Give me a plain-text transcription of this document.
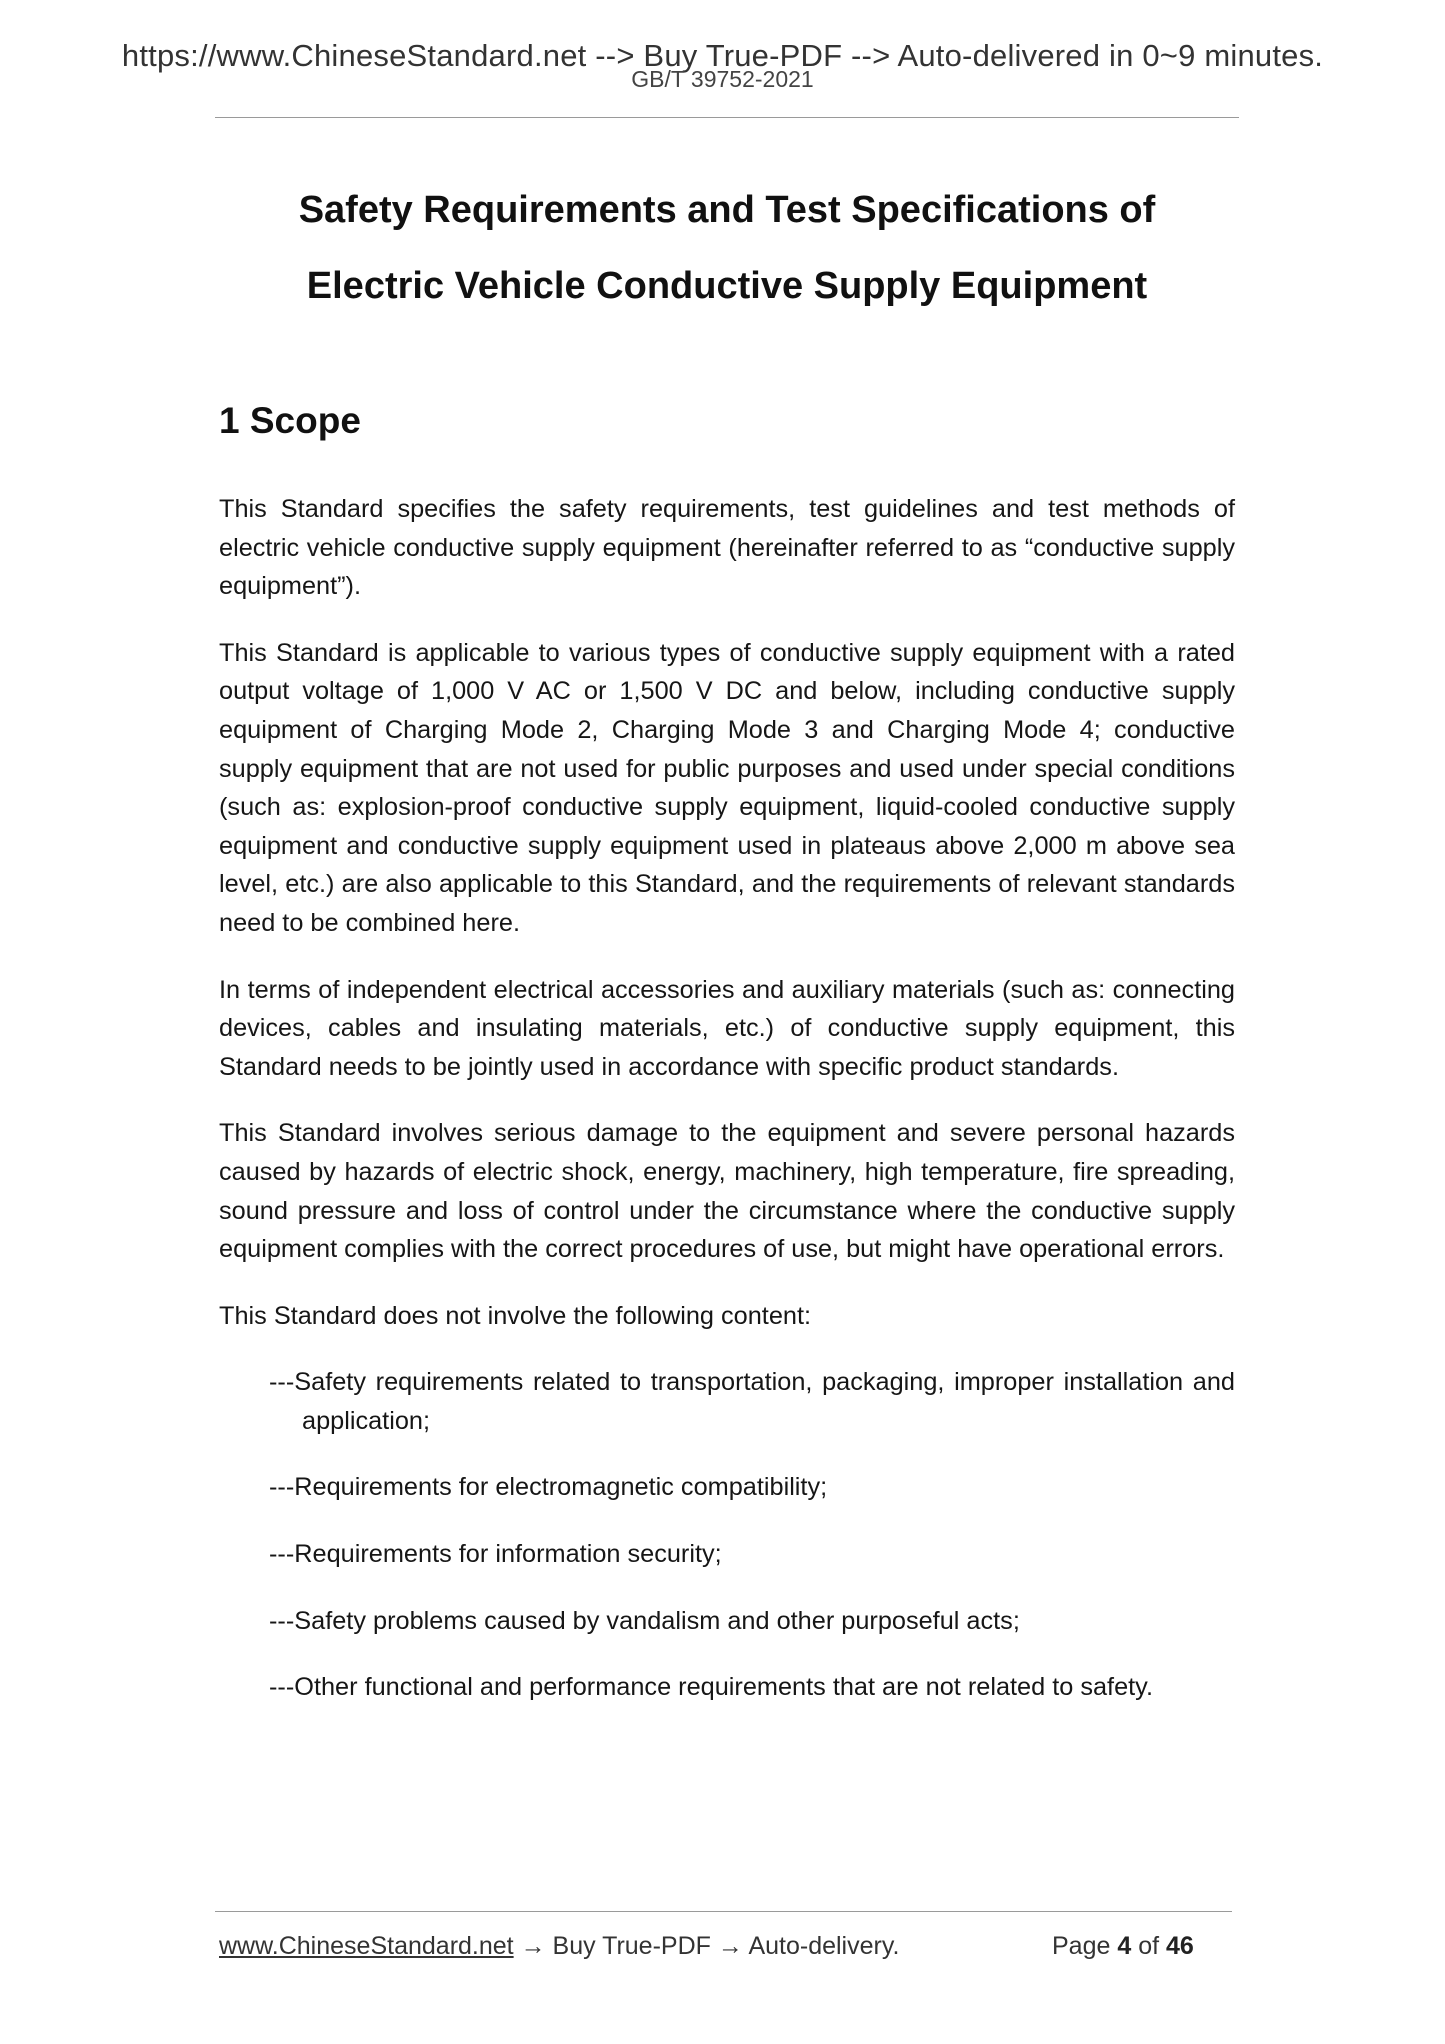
https://www.ChineseStandard.net --> Buy True-PDF --> Auto-delivered in 0~9 minutes.
GB/T 39752-2021
Safety Requirements and Test Specifications of
Electric Vehicle Conductive Supply Equipment
1 Scope

This Standard specifies the safety requirements, test guidelines and test methods of electric vehicle conductive supply equipment (hereinafter referred to as “conductive supply equipment”).

This Standard is applicable to various types of conductive supply equipment with a rated output voltage of 1,000 V AC or 1,500 V DC and below, including conductive supply equipment of Charging Mode 2, Charging Mode 3 and Charging Mode 4; conductive supply equipment that are not used for public purposes and used under special conditions (such as: explosion-proof conductive supply equipment, liquid-cooled conductive supply equipment and conductive supply equipment used in plateaus above 2,000 m above sea level, etc.) are also applicable to this Standard, and the requirements of relevant standards need to be combined here.

In terms of independent electrical accessories and auxiliary materials (such as: connecting devices, cables and insulating materials, etc.) of conductive supply equipment, this Standard needs to be jointly used in accordance with specific product standards.

This Standard involves serious damage to the equipment and severe personal hazards caused by hazards of electric shock, energy, machinery, high temperature, fire spreading, sound pressure and loss of control under the circumstance where the conductive supply equipment complies with the correct procedures of use, but might have operational errors.

This Standard does not involve the following content:

---Safety requirements related to transportation, packaging, improper installation and application;
---Requirements for electromagnetic compatibility;
---Requirements for information security;
---Safety problems caused by vandalism and other purposeful acts;
---Other functional and performance requirements that are not related to safety.
www.ChineseStandard.net → Buy True-PDF → Auto-delivery.	Page 4 of 46
